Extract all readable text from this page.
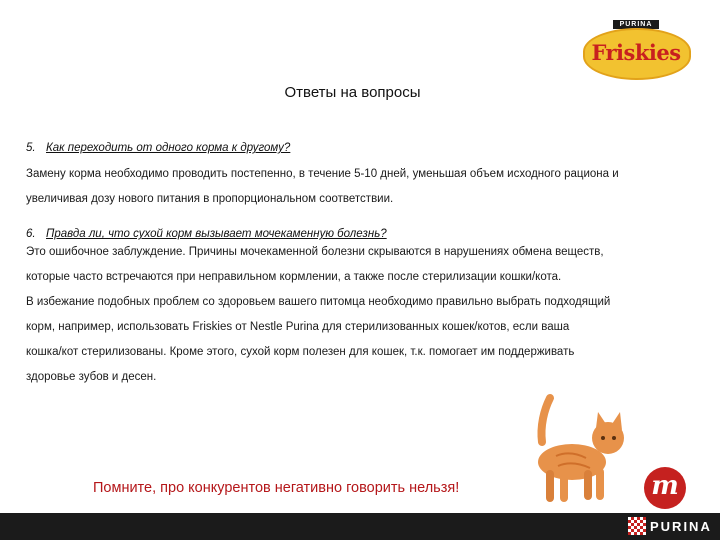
PURINA
Friskies
Ответы на вопросы
5. Как переходить от одного корма к другому?

Замену корма необходимо проводить постепенно, в течение 5-10 дней, уменьшая объем исходного рациона и

увеличивая дозу нового питания в пропорциональном соответствии.

6. Правда ли, что сухой корм вызывает мочекаменную болезнь?

Это ошибочное заблуждение. Причины мочекаменной болезни скрываются в нарушениях обмена веществ,

которые часто встречаются при неправильном кормлении, а также после стерилизации кошки/кота.

В избежание подобных проблем со здоровьем вашего питомца необходимо правильно выбрать подходящий

корм, например, использовать Friskies от Nestle Purina для стерилизованных кошек/котов, если ваша

кошка/кот стерилизованы. Кроме этого, сухой корм полезен для кошек, т.к. помогает им поддерживать

здоровье зубов и десен.

Помните, про конкурентов негативно говорить нельзя!	m
PURINA
